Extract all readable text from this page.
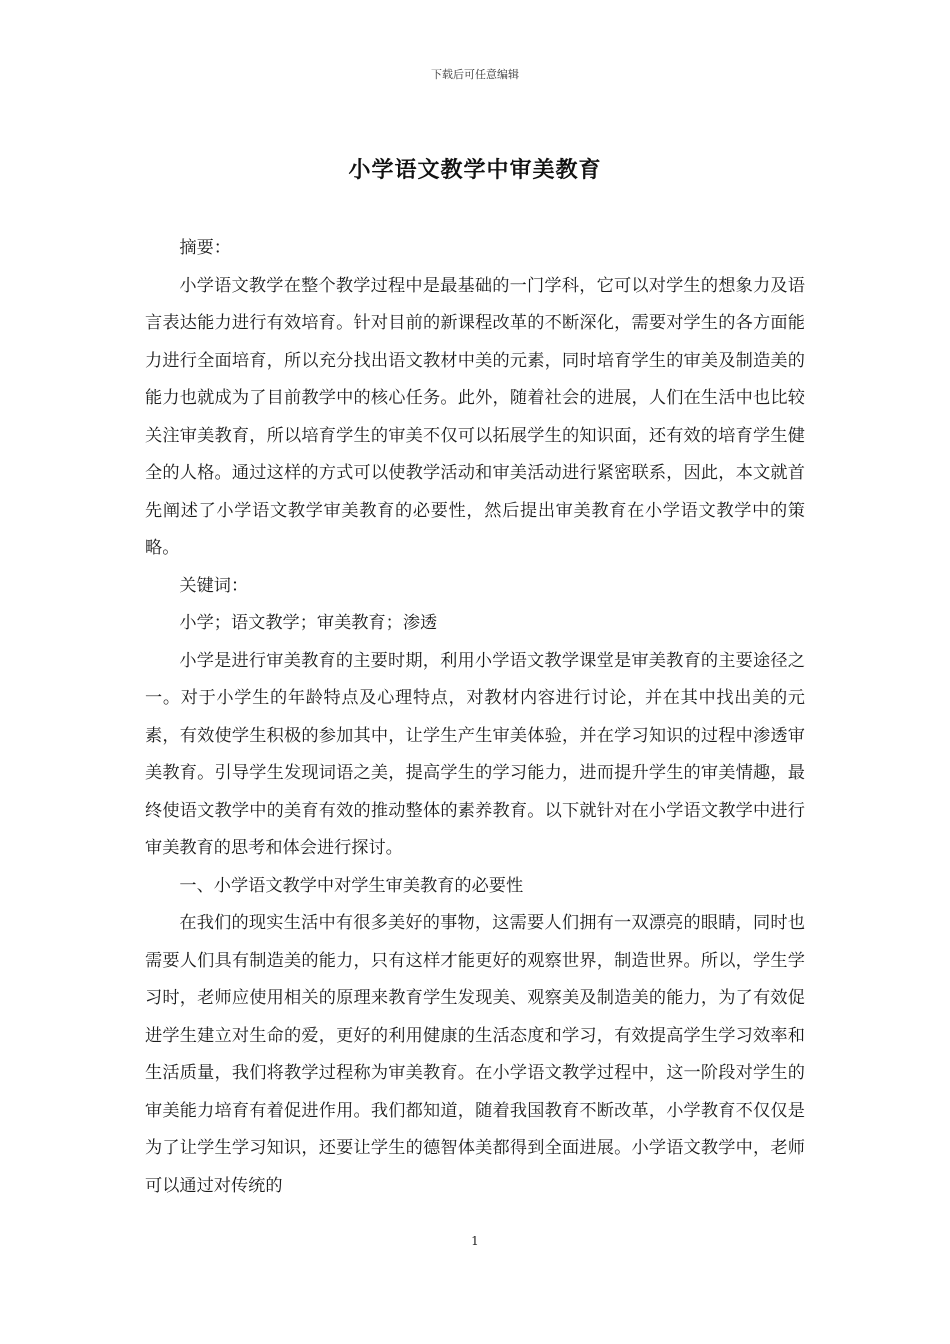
下载后可任意编辑
小学语文教学中审美教育

摘要：

小学语文教学在整个教学过程中是最基础的一门学科，它可以对学生的想象力及语言表达能力进行有效培育。针对目前的新课程改革的不断深化，需要对学生的各方面能力进行全面培育，所以充分找出语文教材中美的元素，同时培育学生的审美及制造美的能力也就成为了目前教学中的核心任务。此外，随着社会的进展，人们在生活中也比较关注审美教育，所以培育学生的审美不仅可以拓展学生的知识面，还有效的培育学生健全的人格。通过这样的方式可以使教学活动和审美活动进行紧密联系，因此，本文就首先阐述了小学语文教学审美教育的必要性，然后提出审美教育在小学语文教学中的策略。

关键词：

小学；语文教学；审美教育；渗透

小学是进行审美教育的主要时期，利用小学语文教学课堂是审美教育的主要途径之一。对于小学生的年龄特点及心理特点，对教材内容进行讨论，并在其中找出美的元素，有效使学生积极的参加其中，让学生产生审美体验，并在学习知识的过程中渗透审美教育。引导学生发现词语之美，提高学生的学习能力，进而提升学生的审美情趣，最终使语文教学中的美育有效的推动整体的素养教育。以下就针对在小学语文教学中进行审美教育的思考和体会进行探讨。

一、小学语文教学中对学生审美教育的必要性

在我们的现实生活中有很多美好的事物，这需要人们拥有一双漂亮的眼睛，同时也需要人们具有制造美的能力，只有这样才能更好的观察世界，制造世界。所以，学生学习时，老师应使用相关的原理来教育学生发现美、观察美及制造美的能力，为了有效促进学生建立对生命的爱，更好的利用健康的生活态度和学习，有效提高学生学习效率和生活质量，我们将教学过程称为审美教育。在小学语文教学过程中，这一阶段对学生的审美能力培育有着促进作用。我们都知道，随着我国教育不断改革，小学教育不仅仅是为了让学生学习知识，还要让学生的德智体美都得到全面进展。小学语文教学中，老师可以通过对传统的

1
